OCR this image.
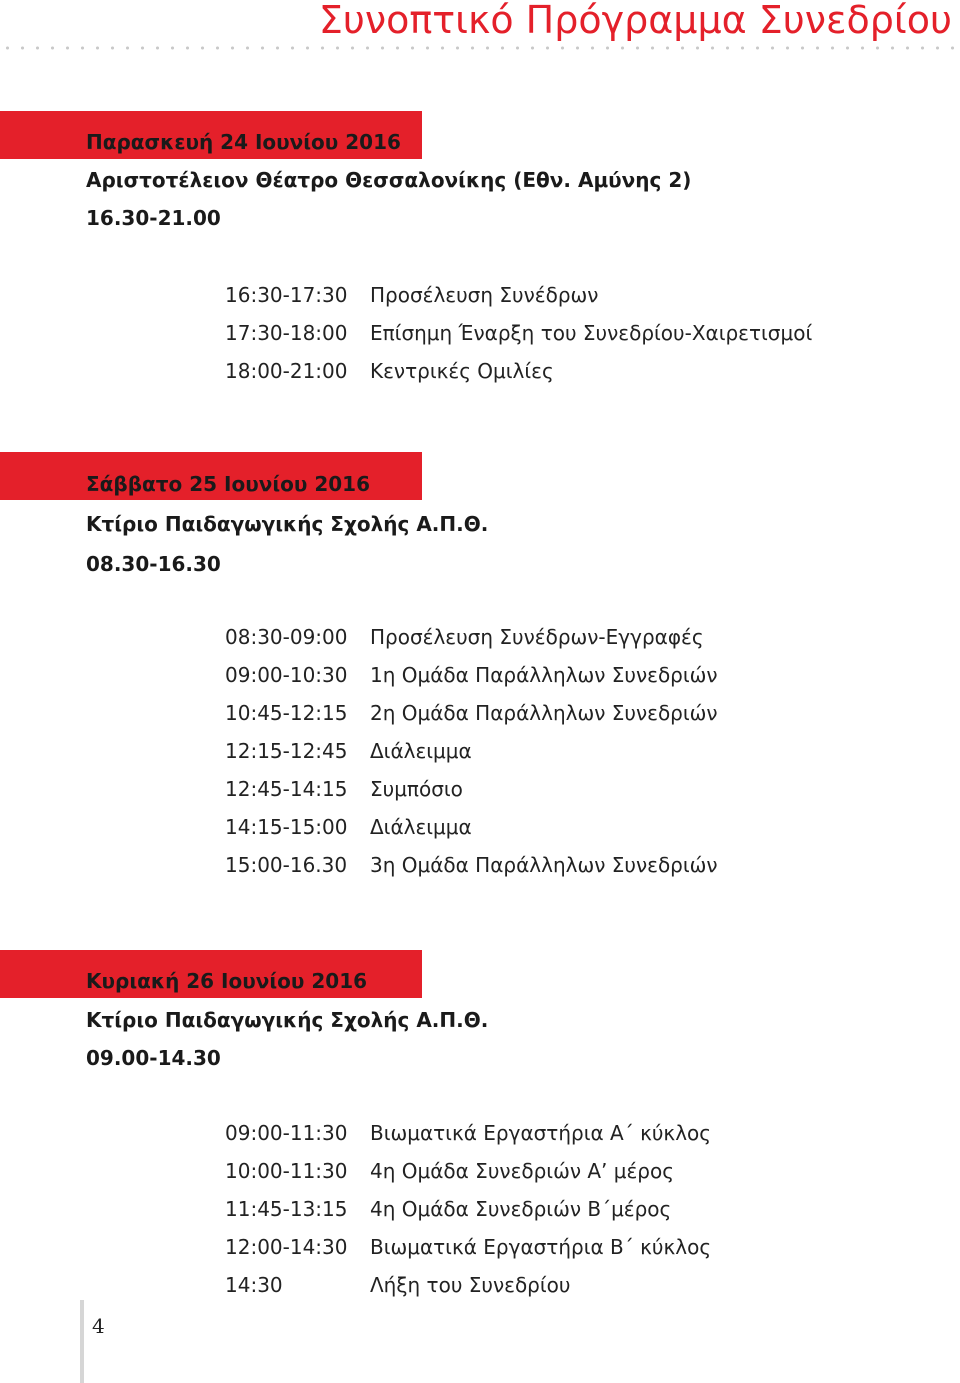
Συνοπτικό Πρόγραμμα Συνεδρίου
Παρασκευή 24 Ιουνίου 2016
Αριστοτέλειον Θέατρο Θεσσαλονίκης (Εθν. Αμύνης 2)
16.30-21.00
16:30-17:30 Προσέλευση Συνέδρων
17:30-18:00 Επίσημη Έναρξη του Συνεδρίου-Χαιρετισμοί
18:00-21:00 Κεντρικές Ομιλίες
Σάββατο 25 Ιουνίου 2016
Κτίριο Παιδαγωγικής Σχολής Α.Π.Θ.
08.30-16.30
08:30-09:00 Προσέλευση Συνέδρων-Εγγραφές
09:00-10:30 1η Ομάδα Παράλληλων Συνεδριών
10:45-12:15 2η Ομάδα Παράλληλων Συνεδριών
12:15-12:45 Διάλειμμα
12:45-14:15 Συμπόσιο
14:15-15:00 Διάλειμμα
15:00-16.30 3η Ομάδα Παράλληλων Συνεδριών
Κυριακή 26 Ιουνίου 2016
Κτίριο Παιδαγωγικής Σχολής Α.Π.Θ.
09.00-14.30
09:00-11:30 Βιωματικά Εργαστήρια Α΄ κύκλος
10:00-11:30 4η Ομάδα Συνεδριών Α’ μέρος
11:45-13:15 4η Ομάδα Συνεδριών Β΄μέρος
12:00-14:30 Βιωματικά Εργαστήρια Β΄ κύκλος
14:30	Λήξη του Συνεδρίου
4
